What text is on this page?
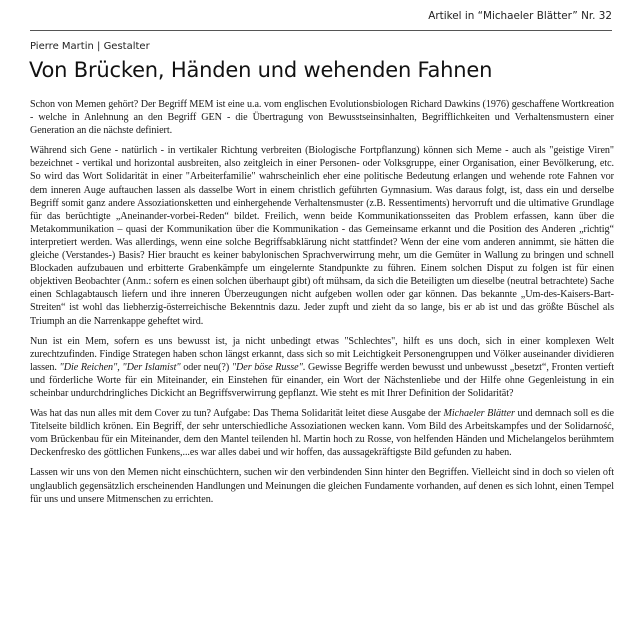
Artikel in “Michaeler Blätter” Nr. 32
Pierre Martin | Gestalter
Von Brücken, Händen und wehenden Fahnen

Schon von Memen gehört? Der Begriff MEM ist eine u.a. vom englischen Evolutionsbiologen Richard Dawkins (1976) geschaffene Wortkreation - welche in Anlehnung an den Begriff GEN - die Übertragung von Bewusstseinsinhalten, Begrifflichkeiten und Verhaltensmustern einer Generation an die nächste definiert.

Während sich Gene - natürlich - in vertikaler Richtung verbreiten (Biologische Fortpflanzung) können sich Meme - auch als "geistige Viren" bezeichnet - vertikal und horizontal ausbreiten, also zeitgleich in einer Personen- oder Volksgruppe, einer Organisation, einer Bevölkerung, etc. So wird das Wort Solidarität in einer "Arbeiterfamilie" wahrscheinlich eher eine politische Bedeutung erlangen und wehende rote Fahnen vor dem inneren Auge auftauchen lassen als dasselbe Wort in einem christlich geführten Gymnasium. Was daraus folgt, ist, dass ein und derselbe Begriff somit ganz andere Assoziationsketten und einhergehende Verhaltensmuster (z.B. Ressentiments) hervorruft und die ultimative Grundlage für das berüchtigte „Aneinander-vorbei-Reden“ bildet. Freilich, wenn beide Kommunikationsseiten das Problem erfassen, kann über die Metakommunikation – quasi der Kommunikation über die Kommunikation - das Gemeinsame erkannt und die Position des Anderen „richtig“ interpretiert werden. Was allerdings, wenn eine solche Begriffsabklärung nicht stattfindet? Wenn der eine vom anderen annimmt, sie hätten die gleiche (Verstandes-) Basis? Hier braucht es keiner babylonischen Sprachverwirrung mehr, um die Gemüter in Wallung zu bringen und schnell Blockaden aufzubauen und erbitterte Grabenkämpfe um eingelernte Standpunkte zu führen. Einem solchen Disput zu folgen ist für einen objektiven Beobachter (Anm.: sofern es einen solchen überhaupt gibt) oft mühsam, da sich die Beteiligten um dieselbe (neutral betrachtete) Sache einen Schlagabtausch liefern und ihre inneren Überzeugungen nicht aufgeben wollen oder gar können. Das bekannte „Um-des-Kaisers-Bart-Streiten“ ist wohl das liebherzig-österreichische Bekenntnis dazu. Jeder zupft und zieht da so lange, bis er ab ist und das größte Büschel als Triumph an die Narrenkappe geheftet wird.

Nun ist ein Mem, sofern es uns bewusst ist, ja nicht unbedingt etwas "Schlechtes", hilft es uns doch, sich in einer komplexen Welt zurechtzufinden. Findige Strategen haben schon längst erkannt, dass sich so mit Leichtigkeit Personengruppen und Völker auseinander dividieren lassen. "Die Reichen", "Der Islamist" oder neu(?) "Der böse Russe". Gewisse Begriffe werden bewusst und unbewusst „besetzt“, Fronten vertieft und förderliche Worte für ein Miteinander, ein Einstehen für einander, ein Wort der Nächstenliebe und der Hilfe ohne Gegenleistung in ein scheinbar undurchdringliches Dickicht an Begriffsverwirrung gepflanzt. Wie steht es mit Ihrer Definition der Solidarität?

Was hat das nun alles mit dem Cover zu tun? Aufgabe: Das Thema Solidarität leitet diese Ausgabe der Michaeler Blätter und demnach soll es die Titelseite bildlich krönen. Ein Begriff, der sehr unterschiedliche Assoziationen wecken kann. Vom Bild des Arbeitskampfes und der Solidarność, vom Brückenbau für ein Miteinander, dem den Mantel teilenden hl. Martin hoch zu Rosse, von helfenden Händen und Michelangelos berühmtem Deckenfresko des göttlichen Funkens,...es war alles dabei und wir hoffen, das aussagekräftigste Bild gefunden zu haben.

Lassen wir uns von den Memen nicht einschüchtern, suchen wir den verbindenden Sinn hinter den Begriffen. Vielleicht sind in doch so vielen oft unglaublich gegensätzlich erscheinenden Handlungen und Meinungen die gleichen Fundamente vorhanden, auf denen es sich lohnt, einen Tempel für uns und unsere Mitmenschen zu errichten.
